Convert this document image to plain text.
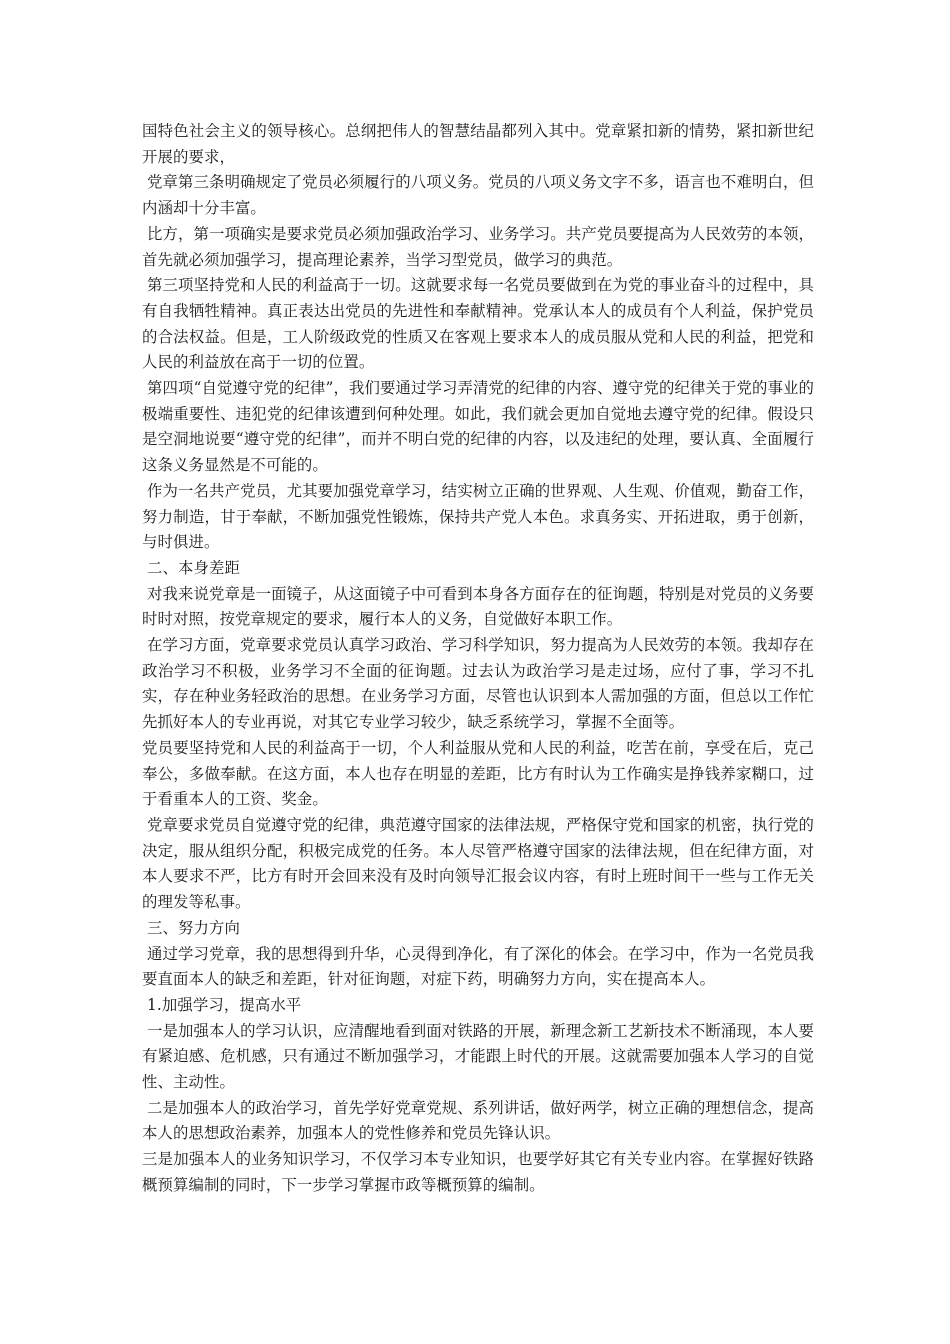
国特色社会主义的领导核心。总纲把伟人的智慧结晶都列入其中。党章紧扣新的情势，紧扣新世纪开展的要求，

党章第三条明确规定了党员必须履行的八项义务。党员的八项义务文字不多，语言也不难明白，但内涵却十分丰富。

比方，第一项确实是要求党员必须加强政治学习、业务学习。共产党员要提高为人民效劳的本领，首先就必须加强学习，提高理论素养，当学习型党员，做学习的典范。

第三项坚持党和人民的利益高于一切。这就要求每一名党员要做到在为党的事业奋斗的过程中，具有自我牺牲精神。真正表达出党员的先进性和奉献精神。党承认本人的成员有个人利益，保护党员的合法权益。但是，工人阶级政党的性质又在客观上要求本人的成员服从党和人民的利益，把党和人民的利益放在高于一切的位置。

第四项“自觉遵守党的纪律”，我们要通过学习弄清党的纪律的内容、遵守党的纪律关于党的事业的极端重要性、违犯党的纪律该遭到何种处理。如此，我们就会更加自觉地去遵守党的纪律。假设只是空洞地说要“遵守党的纪律”，而并不明白党的纪律的内容，以及违纪的处理，要认真、全面履行这条义务显然是不可能的。

作为一名共产党员，尤其要加强党章学习，结实树立正确的世界观、人生观、价值观，勤奋工作，努力制造，甘于奉献，不断加强党性锻炼，保持共产党人本色。求真务实、开拓进取，勇于创新，与时俱进。

二、本身差距

对我来说党章是一面镜子，从这面镜子中可看到本身各方面存在的征询题，特别是对党员的义务要时时对照，按党章规定的要求，履行本人的义务，自觉做好本职工作。

在学习方面，党章要求党员认真学习政治、学习科学知识，努力提高为人民效劳的本领。我却存在政治学习不积极，业务学习不全面的征询题。过去认为政治学习是走过场，应付了事，学习不扎实，存在种业务轻政治的思想。在业务学习方面，尽管也认识到本人需加强的方面，但总以工作忙先抓好本人的专业再说，对其它专业学习较少，缺乏系统学习，掌握不全面等。

党员要坚持党和人民的利益高于一切，个人利益服从党和人民的利益，吃苦在前，享受在后，克己奉公，多做奉献。在这方面，本人也存在明显的差距，比方有时认为工作确实是挣钱养家糊口，过于看重本人的工资、奖金。

党章要求党员自觉遵守党的纪律，典范遵守国家的法律法规，严格保守党和国家的机密，执行党的决定，服从组织分配，积极完成党的任务。本人尽管严格遵守国家的法律法规，但在纪律方面，对本人要求不严，比方有时开会回来没有及时向领导汇报会议内容，有时上班时间干一些与工作无关的理发等私事。

三、努力方向

通过学习党章，我的思想得到升华，心灵得到净化，有了深化的体会。在学习中，作为一名党员我要直面本人的缺乏和差距，针对征询题，对症下药，明确努力方向，实在提高本人。

1.加强学习，提高水平

一是加强本人的学习认识，应清醒地看到面对铁路的开展，新理念新工艺新技术不断涌现，本人要有紧迫感、危机感，只有通过不断加强学习，才能跟上时代的开展。这就需要加强本人学习的自觉性、主动性。

二是加强本人的政治学习，首先学好党章党规、系列讲话，做好两学，树立正确的理想信念，提高本人的思想政治素养，加强本人的党性修养和党员先锋认识。

三是加强本人的业务知识学习，不仅学习本专业知识，也要学好其它有关专业内容。在掌握好铁路概预算编制的同时，下一步学习掌握市政等概预算的编制。
